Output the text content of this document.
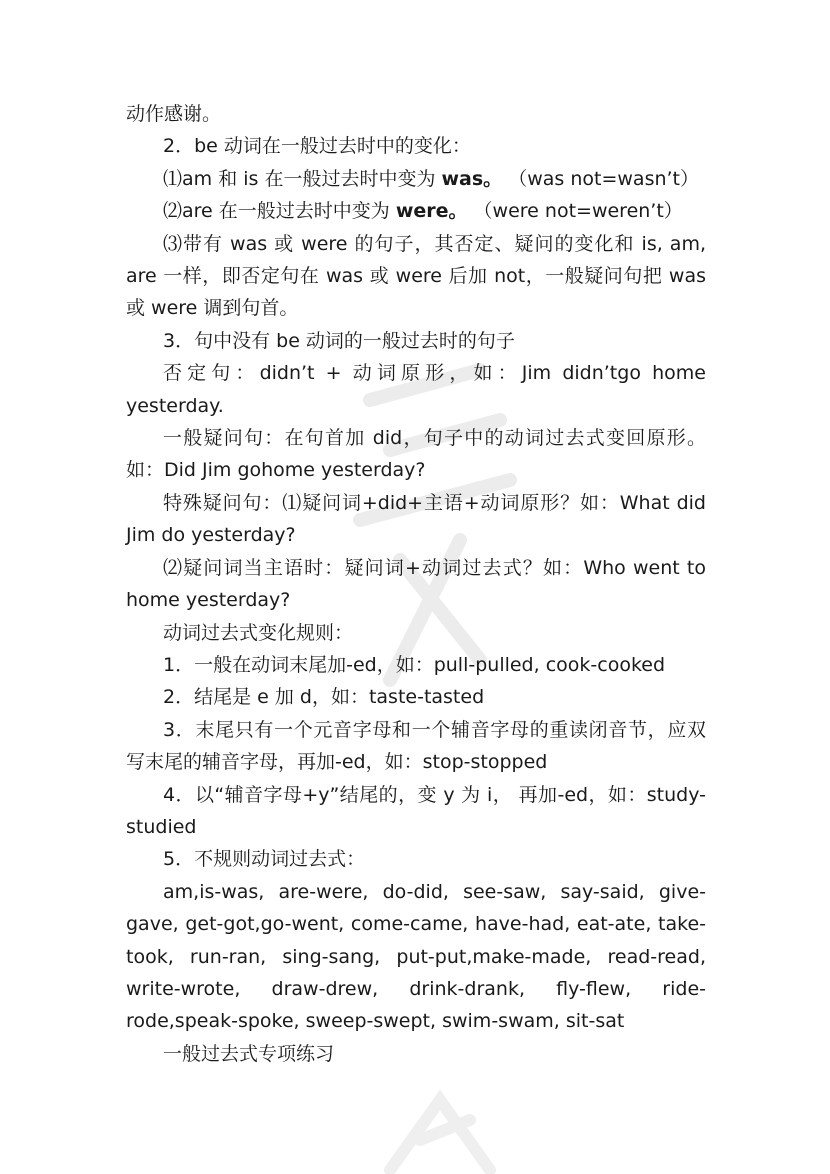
动作感谢。

2．be 动词在一般过去时中的变化：

⑴am 和 is 在一般过去时中变为 was。 （was not=wasn’t）

⑵are 在一般过去时中变为 were。 （were not=weren’t）

⑶带有 was 或 were 的句子，其否定、疑问的变化和 is, am, are 一样，即否定句在 was 或 were 后加 not，一般疑问句把 was 或 were 调到句首。

3．句中没有 be 动词的一般过去时的句子

否定句：didn’t + 动词原形，如：Jim didn’tgo home yesterday.

一般疑问句：在句首加 did，句子中的动词过去式变回原形。如：Did Jim gohome yesterday?

特殊疑问句：⑴疑问词+did+主语+动词原形？如：What did Jim do yesterday?

⑵疑问词当主语时：疑问词+动词过去式？如：Who went to home yesterday?

动词过去式变化规则：

1．一般在动词末尾加-ed，如：pull-pulled, cook-cooked

2．结尾是 e 加 d，如：taste-tasted

3．末尾只有一个元音字母和一个辅音字母的重读闭音节，应双写末尾的辅音字母，再加-ed，如：stop-stopped

4．以“辅音字母+y”结尾的，变 y 为 i， 再加-ed，如：study-studied

5．不规则动词过去式：

am,is-was, are-were, do-did, see-saw, say-said, give-gave, get-got,go-went, come-came, have-had, eat-ate, take-took, run-ran, sing-sang, put-put,make-made, read-read, write-wrote, draw-drew, drink-drank, fly-flew, ride-rode,speak-spoke, sweep-swept, swim-swam, sit-sat

一般过去式专项练习
